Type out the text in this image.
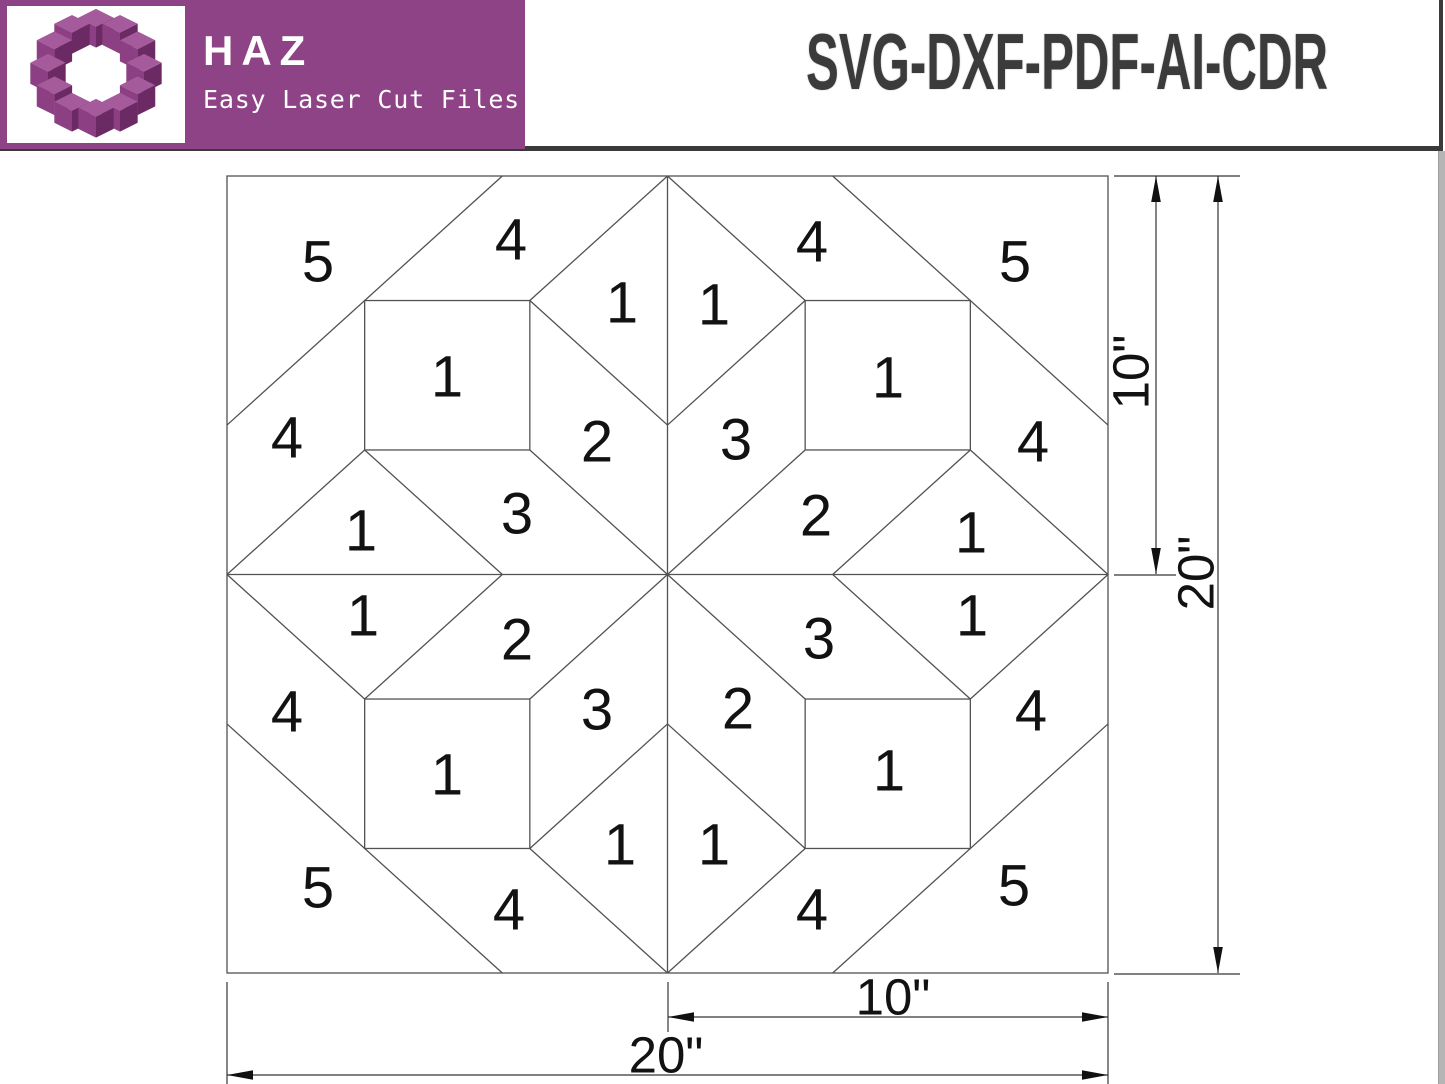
HAZ
Easy Laser Cut Files	SVG-DXF-PDF-AI-CDR
5	4
1
1
4	2
3
1
4	5
1
1
3	4
2 1
1 2
4	3
1
1
5	4
1
3
2	4
1
1
4	5
10"
20"
10"
20"
